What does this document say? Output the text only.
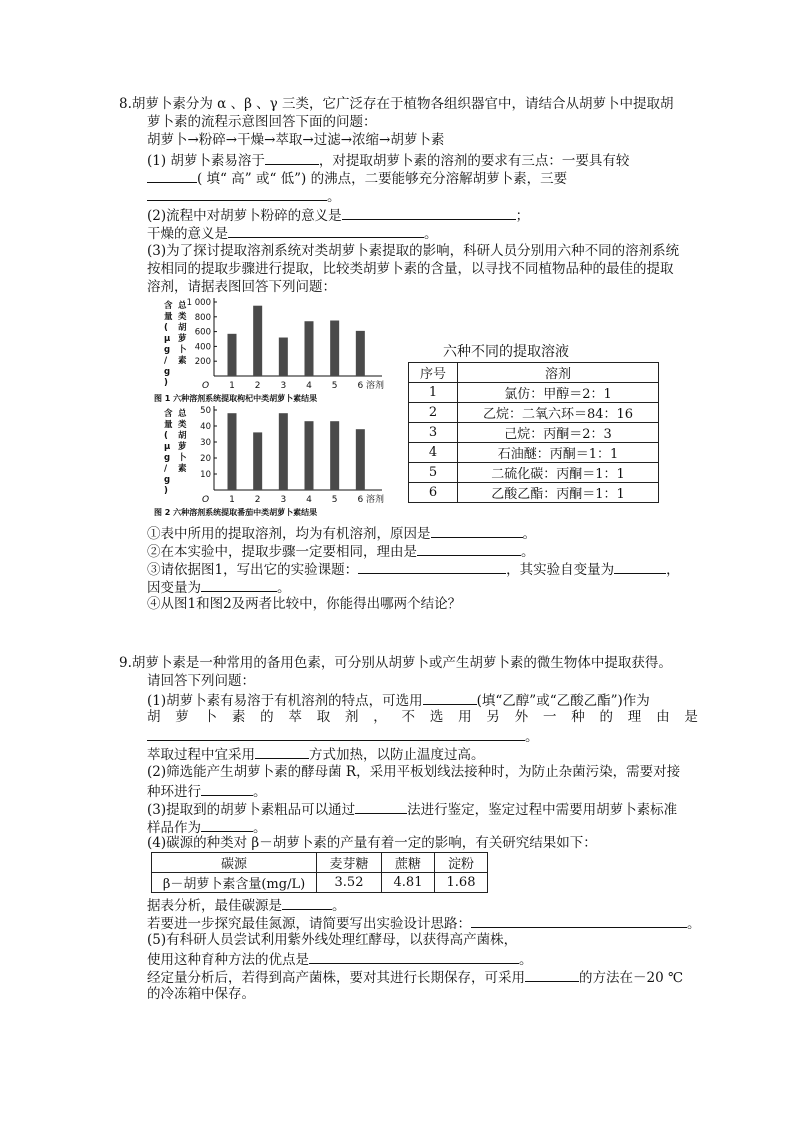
8.胡萝卜素分为 α 、β 、γ 三类，它广泛存在于植物各组织器官中，请结合从胡萝卜中提取胡
萝卜素的流程示意图回答下面的问题：
胡萝卜→粉碎→干燥→萃取→过滤→浓缩→胡萝卜素
(1) 胡萝卜素易溶于	，对提取胡萝卜素的溶剂的要求有三点：一要具有较
( 填“ 高” 或“ 低”) 的沸点，二要能够充分溶解胡萝卜素，三要
。
(2)流程中对胡萝卜粉碎的意义是	；
干燥的意义是	。
(3)为了探讨提取溶剂系统对类胡萝卜素提取的影响，科研人员分别用六种不同的溶剂系统
按相同的提取步骤进行提取，比较类胡萝卜素的含量，以寻找不同植物品种的最佳的提取
溶剂，请据表图回答下列问题：
200
400
600
800
1 000
O
总类胡萝卜素含量( μ g / g )	1 2 3 4 5 6 溶剂
图 1 六种溶剂系统提取枸杞中类胡萝卜素结果
10
20
30
40
50
O
总类胡萝卜素含量( μ g / g )
1 2 3 4 5 6 溶剂
图 2 六种溶剂系统提取番茄中类胡萝卜素结果
六种不同的提取溶液
序号	溶剂
1	氯仿：甲醇＝2：1
2	乙烷：二氧六环＝84：16
3	己烷：丙酮＝2：3
4	石油醚：丙酮＝1：1
5	二硫化碳：丙酮＝1：1
6	乙酸乙酯：丙酮＝1：1
①表中所用的提取溶剂，均为有机溶剂，原因是	。
②在本实验中，提取步骤一定要相同，理由是	。
③请依据图1，写出它的实验课题：	，其实验自变量为	，
因变量为	。
④从图1和图2及两者比较中，你能得出哪两个结论？
9.胡萝卜素是一种常用的备用色素，可分别从胡萝卜或产生胡萝卜素的微生物体中提取获得。
请回答下列问题：
(1)胡萝卜素有易溶于有机溶剂的特点，可选用	(填“乙醇”或“乙酸乙酯”)作为
胡 萝 卜 素 的 萃 取 剂 ， 不 选 用 另 外 一 种 的 理 由 是
。
萃取过程中宜采用	方式加热，以防止温度过高。
(2)筛选能产生胡萝卜素的酵母菌 R，采用平板划线法接种时，为防止杂菌污染，需要对接
种环进行	。
(3)提取到的胡萝卜素粗品可以通过	法进行鉴定，鉴定过程中需要用胡萝卜素标准
样品作为	。
(4)碳源的种类对 β－胡萝卜素的产量有着一定的影响，有关研究结果如下：
碳源	麦芽糖	蔗糖	淀粉
β－胡萝卜素含量(mg/L)	3.52	4.81	1.68
据表分析，最佳碳源是	。
若要进一步探究最佳氮源，请简要写出实验设计思路：	。
(5)有科研人员尝试利用紫外线处理红酵母，以获得高产菌株，
使用这种育种方法的优点是	。
经定量分析后，若得到高产菌株，要对其进行长期保存，可采用	的方法在－20 ℃
的冷冻箱中保存。
